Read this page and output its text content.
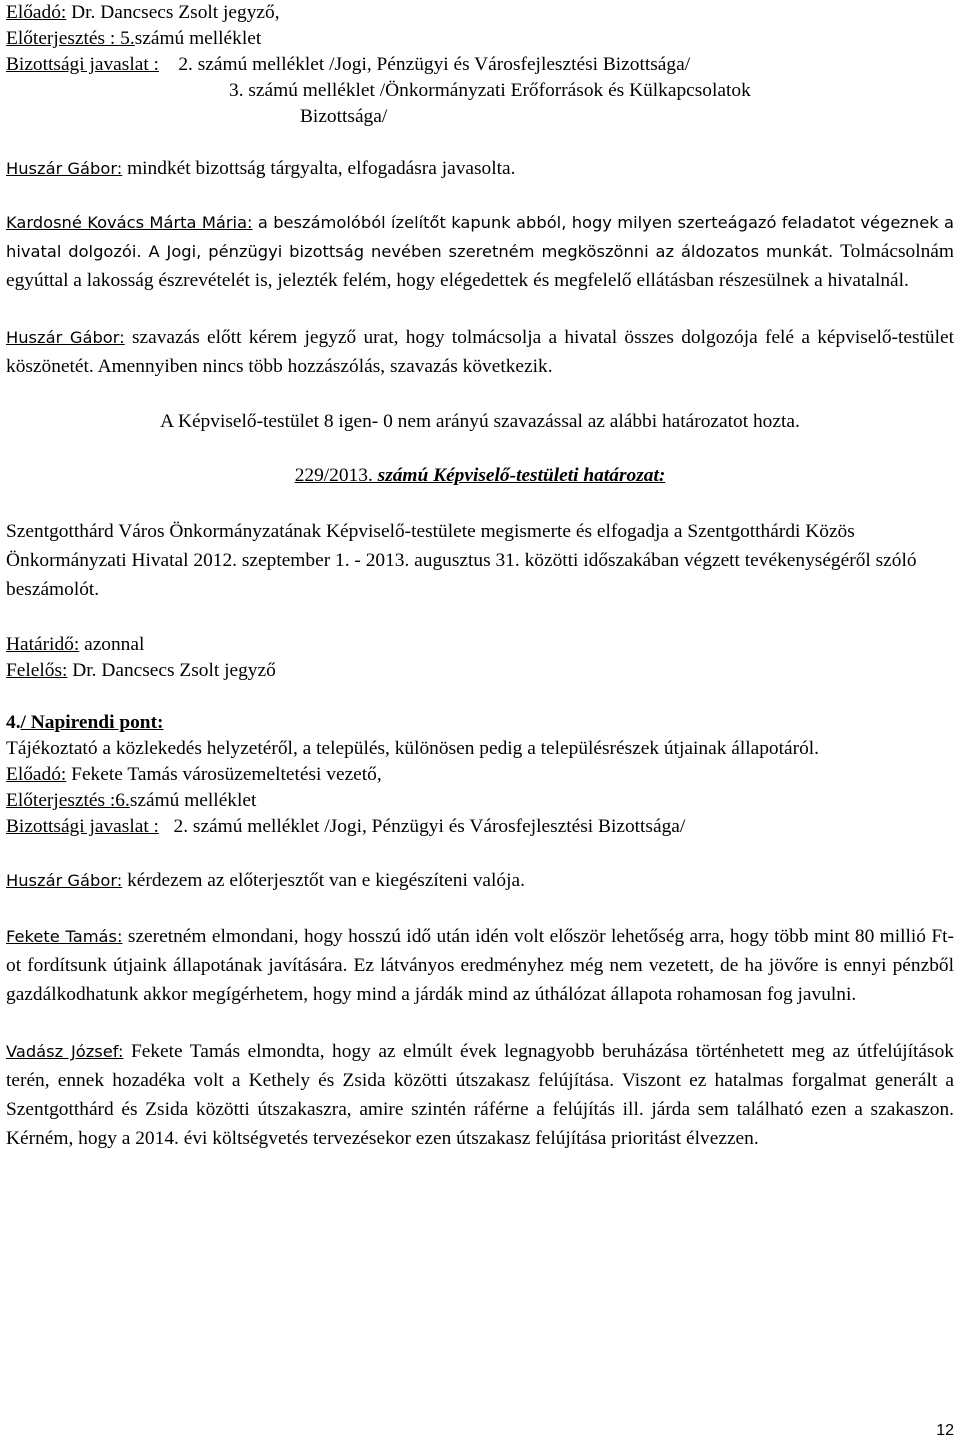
Előadó: Dr. Dancsecs Zsolt jegyző,
Előterjesztés : 5.számú melléklet
Bizottsági javaslat : 2. számú melléklet /Jogi, Pénzügyi és Városfejlesztési Bizottsága/
3. számú melléklet /Önkormányzati Erőforrások és Külkapcsolatok
Bizottsága/

Huszár Gábor: mindkét bizottság tárgyalta, elfogadásra javasolta.

Kardosné Kovács Márta Mária: a beszámolóból ízelítőt kapunk abból, hogy milyen szerteágazó feladatot végeznek a hivatal dolgozói. A Jogi, pénzügyi bizottság nevében szeretném megköszönni az áldozatos munkát. Tolmácsolnám egyúttal a lakosság észrevételét is, jelezték felém, hogy elégedettek és megfelelő ellátásban részesülnek a hivatalnál.

Huszár Gábor: szavazás előtt kérem jegyző urat, hogy tolmácsolja a hivatal összes dolgozója felé a képviselő-testület köszönetét. Amennyiben nincs több hozzászólás, szavazás következik.

A Képviselő-testület 8 igen- 0 nem arányú szavazással az alábbi határozatot hozta.

229/2013. számú Képviselő-testületi határozat:

Szentgotthárd Város Önkormányzatának Képviselő-testülete megismerte és elfogadja a Szentgotthárdi Közös Önkormányzati Hivatal 2012. szeptember 1. - 2013. augusztus 31. közötti időszakában végzett tevékenységéről szóló beszámolót.

Határidő: azonnal

Felelős: Dr. Dancsecs Zsolt jegyző

4./ Napirendi pont:

Tájékoztató a közlekedés helyzetéről, a település, különösen pedig a településrészek útjainak állapotáról.

Előadó: Fekete Tamás városüzemeltetési vezető,

Előterjesztés :6.számú melléklet

Bizottsági javaslat :   2. számú melléklet /Jogi, Pénzügyi és Városfejlesztési Bizottsága/

Huszár Gábor: kérdezem az előterjesztőt van e kiegészíteni valója.

Fekete Tamás: szeretném elmondani, hogy hosszú idő után idén volt először lehetőség arra, hogy több mint 80 millió Ft-ot fordítsunk útjaink állapotának javítására. Ez látványos eredményhez még nem vezetett, de ha jövőre is ennyi pénzből gazdálkodhatunk akkor megígérhetem, hogy mind a járdák mind az úthálózat állapota rohamosan fog javulni.

Vadász József: Fekete Tamás elmondta, hogy az elmúlt évek legnagyobb beruházása történhetett meg az útfelújítások terén, ennek hozadéka volt a Kethely és Zsida közötti útszakasz felújítása. Viszont ez hatalmas forgalmat generált a Szentgotthárd és Zsida közötti útszakaszra, amire szintén ráférne a felújítás ill. járda sem található ezen a szakaszon. Kérném, hogy a 2014. évi költségvetés tervezésekor ezen útszakasz felújítása prioritást élvezzen.

12
